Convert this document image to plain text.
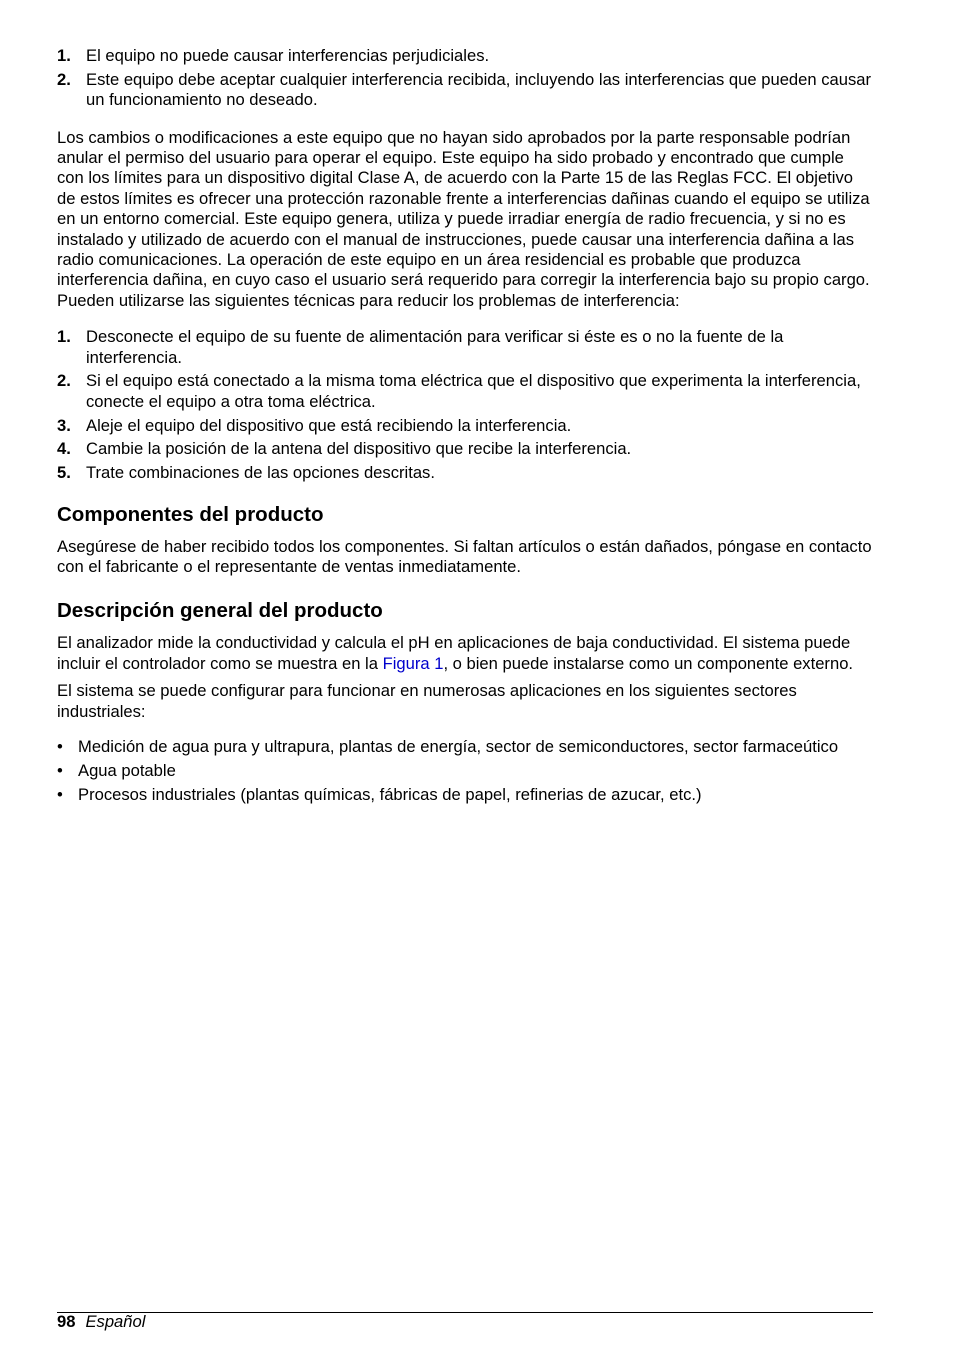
1. El equipo no puede causar interferencias perjudiciales.
2. Este equipo debe aceptar cualquier interferencia recibida, incluyendo las interferencias que pueden causar un funcionamiento no deseado.

Los cambios o modificaciones a este equipo que no hayan sido aprobados por la parte responsable podrían anular el permiso del usuario para operar el equipo. Este equipo ha sido probado y encontrado que cumple con los límites para un dispositivo digital Clase A, de acuerdo con la Parte 15 de las Reglas FCC. El objetivo de estos límites es ofrecer una protección razonable frente a interferencias dañinas cuando el equipo se utiliza en un entorno comercial. Este equipo genera, utiliza y puede irradiar energía de radio frecuencia, y si no es instalado y utilizado de acuerdo con el manual de instrucciones, puede causar una interferencia dañina a las radio comunicaciones. La operación de este equipo en un área residencial es probable que produzca interferencia dañina, en cuyo caso el usuario será requerido para corregir la interferencia bajo su propio cargo. Pueden utilizarse las siguientes técnicas para reducir los problemas de interferencia:

1. Desconecte el equipo de su fuente de alimentación para verificar si éste es o no la fuente de la interferencia.
2. Si el equipo está conectado a la misma toma eléctrica que el dispositivo que experimenta la interferencia, conecte el equipo a otra toma eléctrica.
3. Aleje el equipo del dispositivo que está recibiendo la interferencia.
4. Cambie la posición de la antena del dispositivo que recibe la interferencia.
5. Trate combinaciones de las opciones descritas.
Componentes del producto

Asegúrese de haber recibido todos los componentes. Si faltan artículos o están dañados, póngase en contacto con el fabricante o el representante de ventas inmediatamente.

Descripción general del producto

El analizador mide la conductividad y calcula el pH en aplicaciones de baja conductividad. El sistema puede incluir el controlador como se muestra en la Figura 1, o bien puede instalarse como un componente externo.

El sistema se puede configurar para funcionar en numerosas aplicaciones en los siguientes sectores industriales:

• Medición de agua pura y ultrapura, plantas de energía, sector de semiconductores, sector farmaceútico
• Agua potable
• Procesos industriales (plantas químicas, fábricas de papel, refinerias de azucar, etc.)
98 Español
